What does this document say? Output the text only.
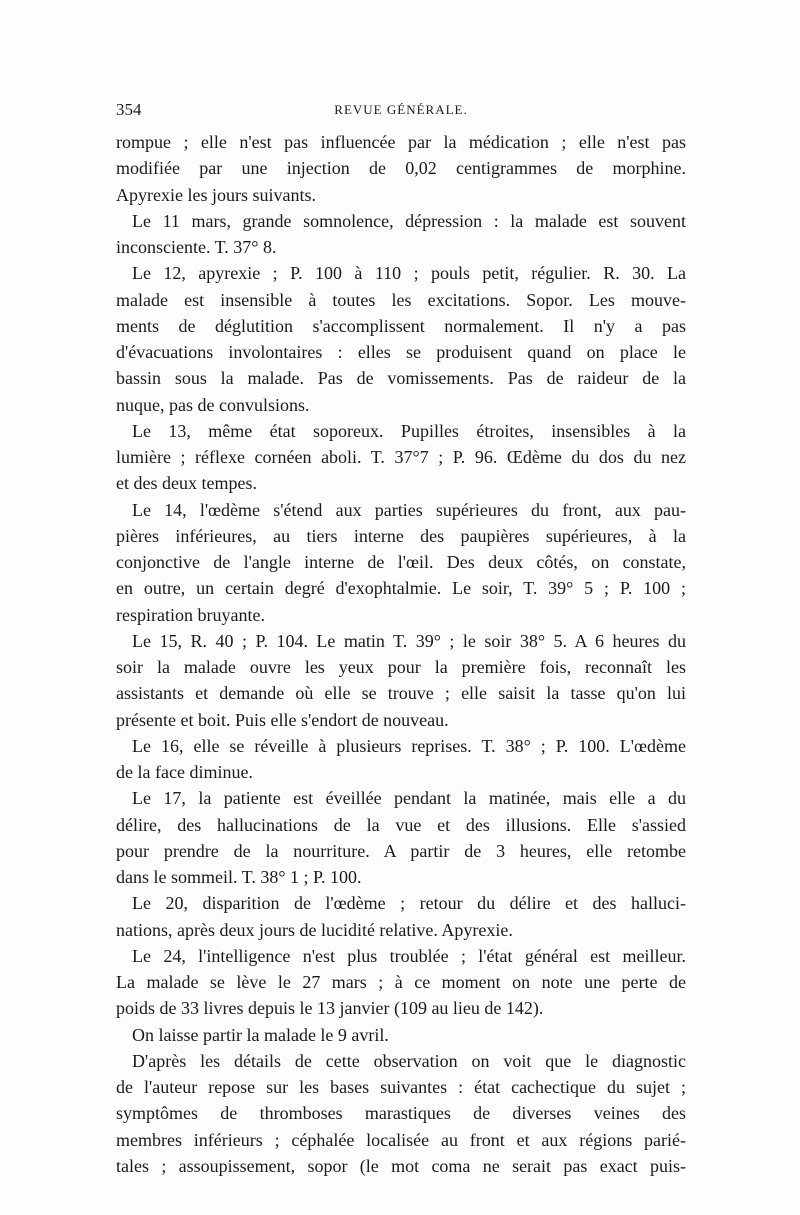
354	REVUE GÉNÉRALE.
rompue ; elle n'est pas influencée par la médication ; elle n'est pas
modifiée par une injection de 0,02 centigrammes de morphine.
Apyrexie les jours suivants.
Le 11 mars, grande somnolence, dépression : la malade est souvent
inconsciente. T. 37° 8.
Le 12, apyrexie ; P. 100 à 110 ; pouls petit, régulier. R. 30. La
malade est insensible à toutes les excitations. Sopor. Les mouve-
ments de déglutition s'accomplissent normalement. Il n'y a pas
d'évacuations involontaires : elles se produisent quand on place le
bassin sous la malade. Pas de vomissements. Pas de raideur de la
nuque, pas de convulsions.
Le 13, même état soporeux. Pupilles étroites, insensibles à la
lumière ; réflexe cornéen aboli. T. 37°7 ; P. 96. Œdème du dos du nez
et des deux tempes.
Le 14, l'œdème s'étend aux parties supérieures du front, aux pau-
pières inférieures, au tiers interne des paupières supérieures, à la
conjonctive de l'angle interne de l'œil. Des deux côtés, on constate,
en outre, un certain degré d'exophtalmie. Le soir, T. 39° 5 ; P. 100 ;
respiration bruyante.
Le 15, R. 40 ; P. 104. Le matin T. 39° ; le soir 38° 5. A 6 heures du
soir la malade ouvre les yeux pour la première fois, reconnaît les
assistants et demande où elle se trouve ; elle saisit la tasse qu'on lui
présente et boit. Puis elle s'endort de nouveau.
Le 16, elle se réveille à plusieurs reprises. T. 38° ; P. 100. L'œdème
de la face diminue.
Le 17, la patiente est éveillée pendant la matinée, mais elle a du
délire, des hallucinations de la vue et des illusions. Elle s'assied
pour prendre de la nourriture. A partir de 3 heures, elle retombe
dans le sommeil. T. 38° 1 ; P. 100.
Le 20, disparition de l'œdème ; retour du délire et des halluci-
nations, après deux jours de lucidité relative. Apyrexie.
Le 24, l'intelligence n'est plus troublée ; l'état général est meilleur.
La malade se lève le 27 mars ; à ce moment on note une perte de
poids de 33 livres depuis le 13 janvier (109 au lieu de 142).
On laisse partir la malade le 9 avril.
D'après les détails de cette observation on voit que le diagnostic
de l'auteur repose sur les bases suivantes : état cachectique du sujet ;
symptômes de thromboses marastiques de diverses veines des
membres inférieurs ; céphalée localisée au front et aux régions parié-
tales ; assoupissement, sopor (le mot coma ne serait pas exact puis-
